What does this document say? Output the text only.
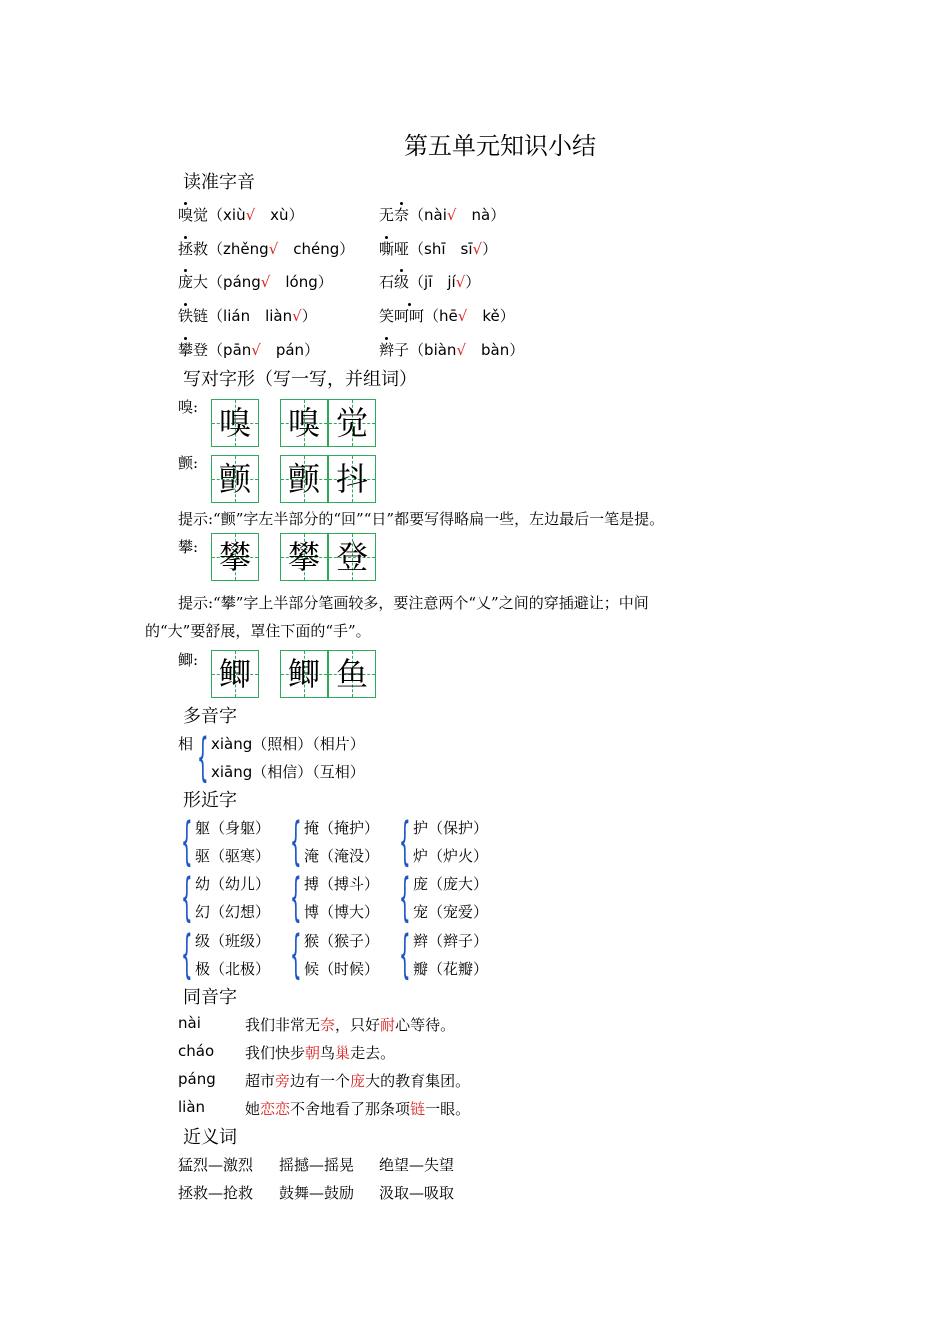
第五单元知识小结
读准字音
嗅觉（xiù√  xù）
拯救（zhěng√  chéng）
庞大（páng√  lóng）
铁链（lián  liàn√）
攀登（pān√  pán）
无奈（nài√  nà）
嘶哑（shī  sī√）
石级（jī  jí√）
笑呵呵（hē√  kě）
辫子（biàn√  bàn）
写对字形（写一写，并组词）
嗅: 嗅 嗅 觉
颤: 颤 颤 抖
提示:“颤”字左半部分的“回”“日”都要写得略扁一些，左边最后一笔是提。
攀: 攀 攀 登
提示:“攀”字上半部分笔画较多，要注意两个“乂”之间的穿插避让；中间
的“大”要舒展，罩住下面的“手”。
鲫: 鲫 鲫 鱼
多音字
相 { xiàng（照相）（相片）
xiāng（相信）（互相）
形近字
{ 躯（身躯）
驱（驱寒） { 掩（掩护）
淹（淹没） { 护（保护）
炉（炉火）
{ 幼（幼儿）
幻（幻想） { 搏（搏斗）
博（博大） { 庞（庞大）
宠（宠爱）
{ 级（班级）
极（北极） { 猴（猴子）
候（时候） { 辫（辫子）
瓣（花瓣）
同音字
nài	我们非常无奈，只好耐心等待。
cháo 我们快步朝鸟巢走去。
páng 超市旁边有一个庞大的教育集团。
liàn	她恋恋不舍地看了那条项链一眼。
近义词
猛烈—激烈 摇撼—摇晃 绝望—失望
拯救—抢救 鼓舞—鼓励 汲取—吸取
